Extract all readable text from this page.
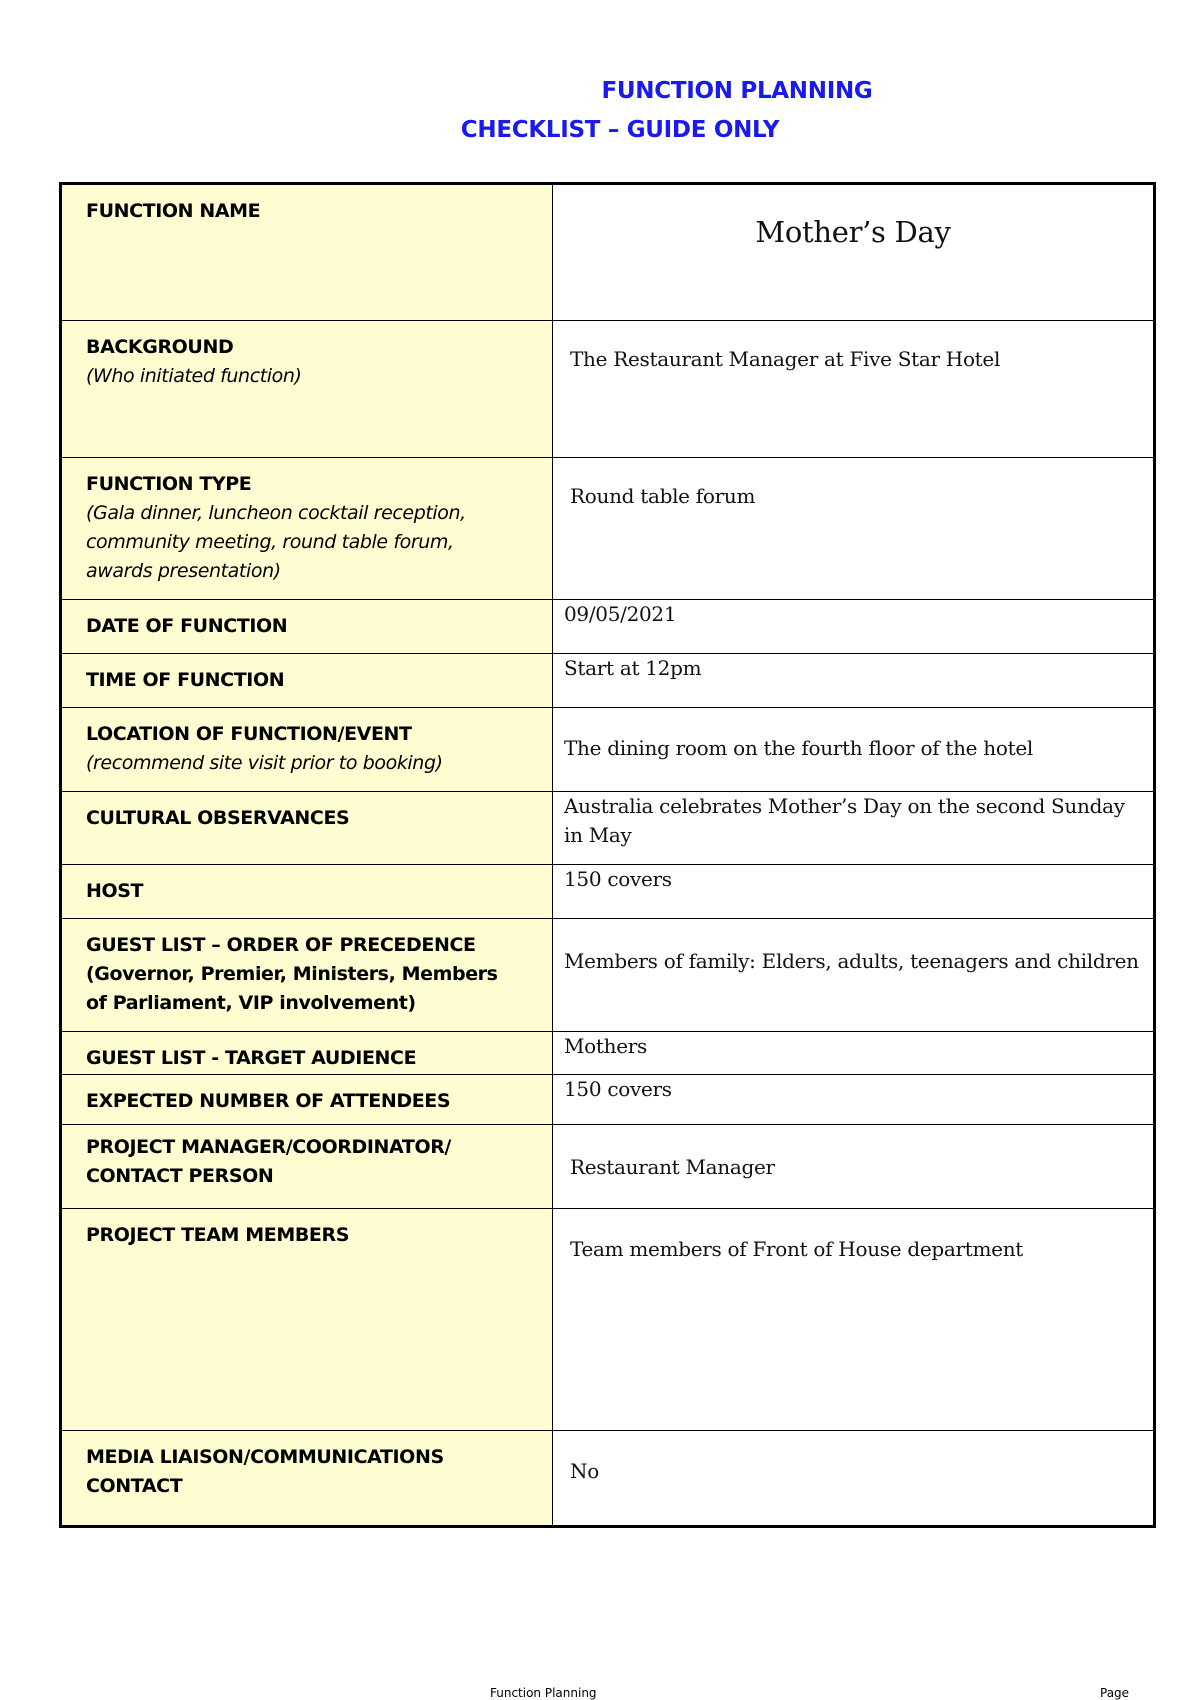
FUNCTION PLANNING
CHECKLIST – GUIDE ONLY
FUNCTION NAME	Mother’s Day

BACKGROUND
(Who initiated function)	The Restaurant Manager at Five Star Hotel

FUNCTION TYPE
(Gala dinner, luncheon cocktail reception, community meeting, round table forum, awards presentation)	Round table forum

DATE OF FUNCTION	09/05/2021

TIME OF FUNCTION	Start at 12pm

LOCATION OF FUNCTION/EVENT
(recommend site visit prior to booking)	The dining room on the fourth floor of the hotel

CULTURAL OBSERVANCES	Australia celebrates Mother’s Day on the second Sunday in May

HOST	150 covers

GUEST LIST – ORDER OF PRECEDENCE
(Governor, Premier, Ministers, Members of Parliament, VIP involvement)	Members of family: Elders, adults, teenagers and children

GUEST LIST - TARGET AUDIENCE	Mothers

EXPECTED NUMBER OF ATTENDEES	150 covers

PROJECT MANAGER/COORDINATOR/ CONTACT PERSON	Restaurant Manager

PROJECT TEAM MEMBERS	Team members of Front of House department

MEDIA LIAISON/COMMUNICATIONS CONTACT	No
Function Planning	Page
